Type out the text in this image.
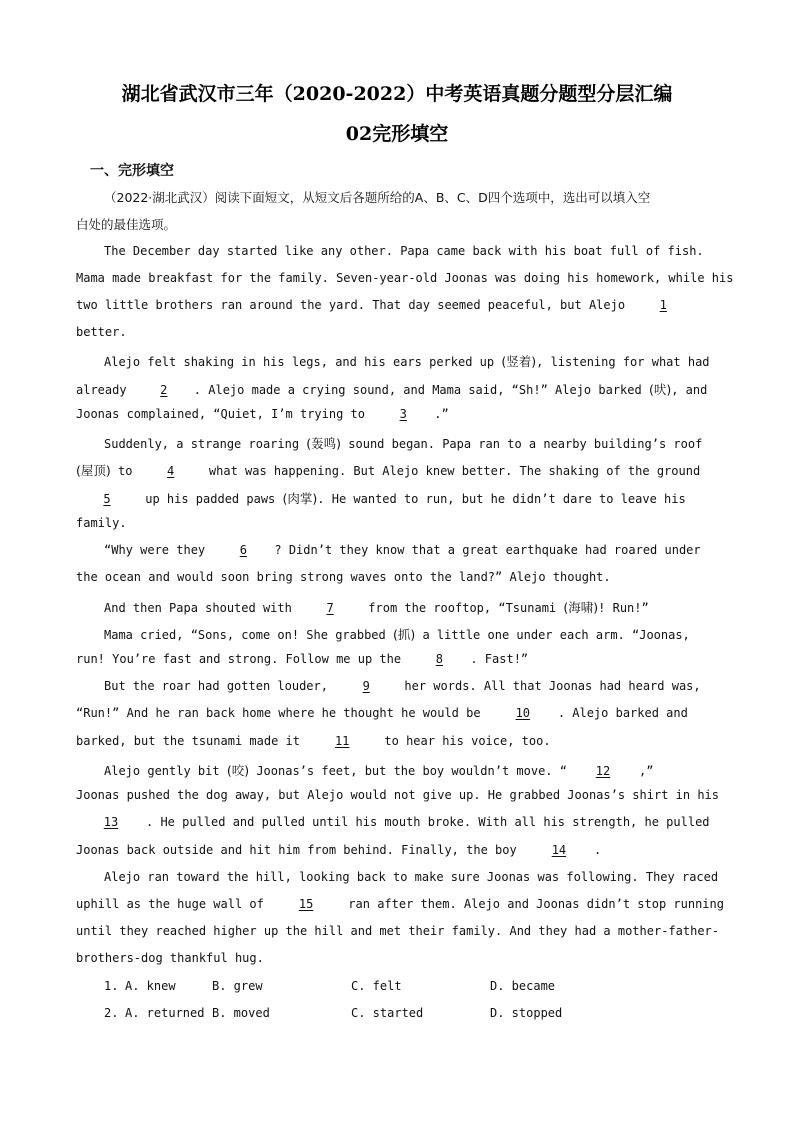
湖北省武汉市三年（2020-2022）中考英语真题分题型分层汇编
02完形填空
一、完形填空
（2022·湖北武汉）阅读下面短文，从短文后各题所给的A、B、C、D四个选项中，选出可以填入空
白处的最佳选项。
The December day started like any other. Papa came back with his boat full of fish.
Mama made breakfast for the family. Seven-year-old Joonas was doing his homework, while his
two little brothers ran around the yard. That day seemed peaceful, but Alejo 1
better.
Alejo felt shaking in his legs, and his ears perked up (竖着), listening for what had
already 2 . Alejo made a crying sound, and Mama said, “Sh!” Alejo barked (吠), and
Joonas complained, “Quiet, I’m trying to 3 .”
Suddenly, a strange roaring (轰鸣) sound began. Papa ran to a nearby building’s roof
(屋顶) to 4 what was happening. But Alejo knew better. The shaking of the ground
5 up his padded paws (肉掌). He wanted to run, but he didn’t dare to leave his
family.
“Why were they 6 ? Didn’t they know that a great earthquake had roared under
the ocean and would soon bring strong waves onto the land?” Alejo thought.
And then Papa shouted with 7 from the rooftop, “Tsunami (海啸)! Run!”
Mama cried, “Sons, come on! She grabbed (抓) a little one under each arm. “Joonas,
run! You’re fast and strong. Follow me up the 8 . Fast!”
But the roar had gotten louder, 9 her words. All that Joonas had heard was,
“Run!” And he ran back home where he thought he would be 10 . Alejo barked and
barked, but the tsunami made it 11 to hear his voice, too.
Alejo gently bit (咬) Joonas’s feet, but the boy wouldn’t move. “ 12 ,”
Joonas pushed the dog away, but Alejo would not give up. He grabbed Joonas’s shirt in his
13 . He pulled and pulled until his mouth broke. With all his strength, he pulled
Joonas back outside and hit him from behind. Finally, the boy 14 .
Alejo ran toward the hill, looking back to make sure Joonas was following. They raced
uphill as the huge wall of 15 ran after them. Alejo and Joonas didn’t stop running
until they reached higher up the hill and met their family. And they had a mother-father-
brothers-dog thankful hug.
1. A. knew	B. grew	C. felt	D. became
2. A. returned B. moved	C. started	D. stopped
